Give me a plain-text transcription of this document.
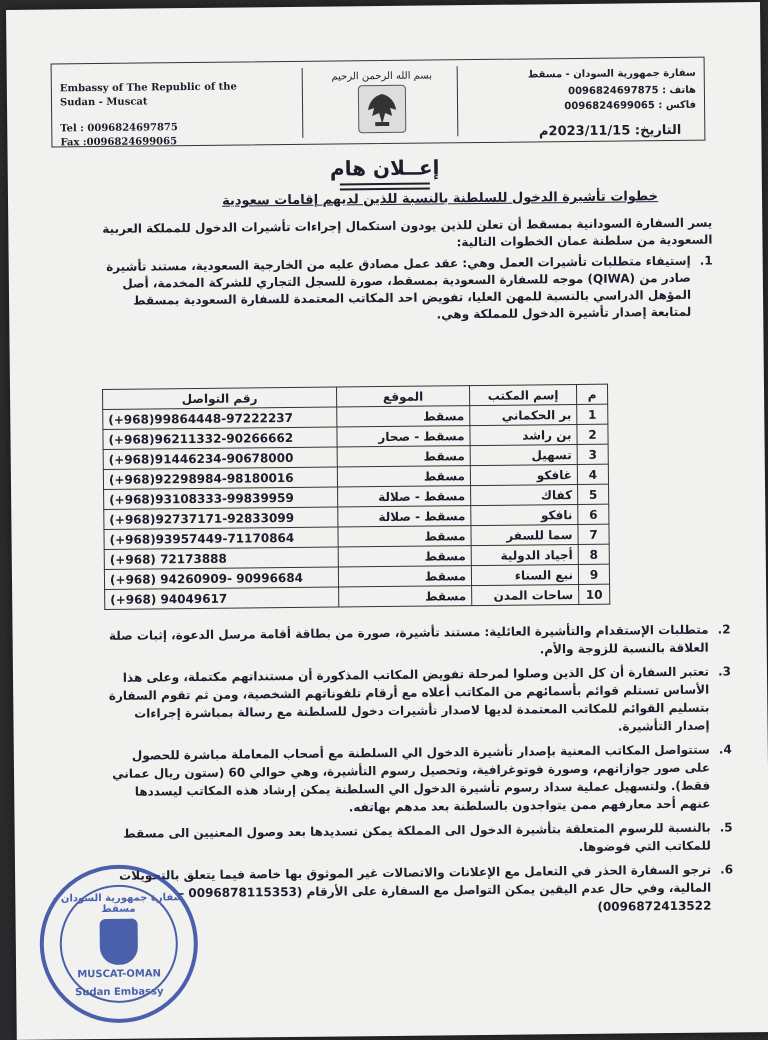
Embassy of The Republic of the Sudan - Muscat
Tel : 0096824697875
Fax :0096824699065
بسم الله الرحمن الرحيم	سفارة جمهورية السودان - مسقط
هاتف : 0096824697875
فاكس : 0096824699065
التاريخ: 2023/11/15م
إعــلان هام
خطوات تأشيرة الدخول للسلطنة بالنسبة للذين لديهم إقامات سعودية

يسر السفارة السودانية بمسقط أن تعلن للذين يودون استكمال إجراءات تأشيرات الدخول للمملكة العربية السعودية من سلطنة عمان الخطوات التالية:

1.
إستيفاء متطلبات تأشيرات العمل وهي: عقد عمل مصادق عليه من الخارجية السعودية، مستند تأشيرة صادر من (QIWA) موجه للسفارة السعودية بمسقط، صورة للسجل التجاري للشركة المخدمة، أصل المؤهل الدراسي بالنسبة للمهن العليا، تفويض احد المكاتب المعتمدة للسفارة السعودية بمسقط لمتابعة إصدار تأشيرة الدخول للمملكة وهي.
م	إسم المكتب	الموقع	رقم التواصل
1	بر الحكماني	مسقط	(+968)99864448-97222237
2	بن راشد	مسقط - صحار	(+968)96211332-90266662
3	تسهيل	مسقط	(+968)91446234-90678000
4	غافكو	مسقط	(+968)92298984-98180016
5	كفاك	مسقط - صلالة	(+968)93108333-99839959
6	نافكو	مسقط - صلالة	(+968)92737171-92833099
7	سما للسفر	مسقط	(+968)93957449-71170864
8	أجياد الدولية	مسقط	(+968) 72173888
9	نبع السناء	مسقط	(+968) 94260909- 90996684
10	ساحات المدن	مسقط	(+968) 94049617
2.
متطلبات الإستقدام والتأشيرة العائلية: مستند تأشيرة، صورة من بطاقة أقامة مرسل الدعوة، إثبات صلة العلاقة بالنسبة للزوجة والأم.
3.
تعتبر السفارة أن كل الذين وصلوا لمرحلة تفويض المكاتب المذكورة أن مستنداتهم مكتملة، وعلى هذا الأساس تستلم قوائم بأسمائهم من المكاتب أعلاه مع أرقام تلفوناتهم الشخصية، ومن ثم تقوم السفارة بتسليم القوائم للمكاتب المعتمدة لديها لاصدار تأشيرات دخول للسلطنة مع رسالة بمباشرة إجراءات إصدار التأشيرة.
4.
ستتواصل المكاتب المعنية بإصدار تأشيرة الدخول الي السلطنة مع أصحاب المعاملة مباشرة للحصول على صور جوازاتهم، وصورة فوتوغرافية، وتحصيل رسوم التأشيرة، وهي حوالي 60 (ستون ريال عماني فقط). ولتسهيل عملية سداد رسوم تأشيرة الدخول الي السلطنة يمكن إرشاد هذه المكاتب ليسددها عنهم أحد معارفهم ممن يتواجدون بالسلطنة بعد مدهم بهاتفه.
5.
بالنسبة للرسوم المتعلقة بتأشيرة الدخول الى المملكة يمكن تسديدها بعد وصول المعنيين الى مسقط للمكاتب التي فوضوها.
6.
ترجو السفارة الحذر في التعامل مع الإعلانات والاتصالات غير الموثوق بها خاصة فيما يتعلق بالتحويلات المالية، وفي حال عدم اليقين يمكن التواصل مع السفارة على الأرقام (0096878115353 – 0096872413522)
سفارة جمهورية السودان - مسقط
MUSCAT-OMAN
Sudan Embassy
